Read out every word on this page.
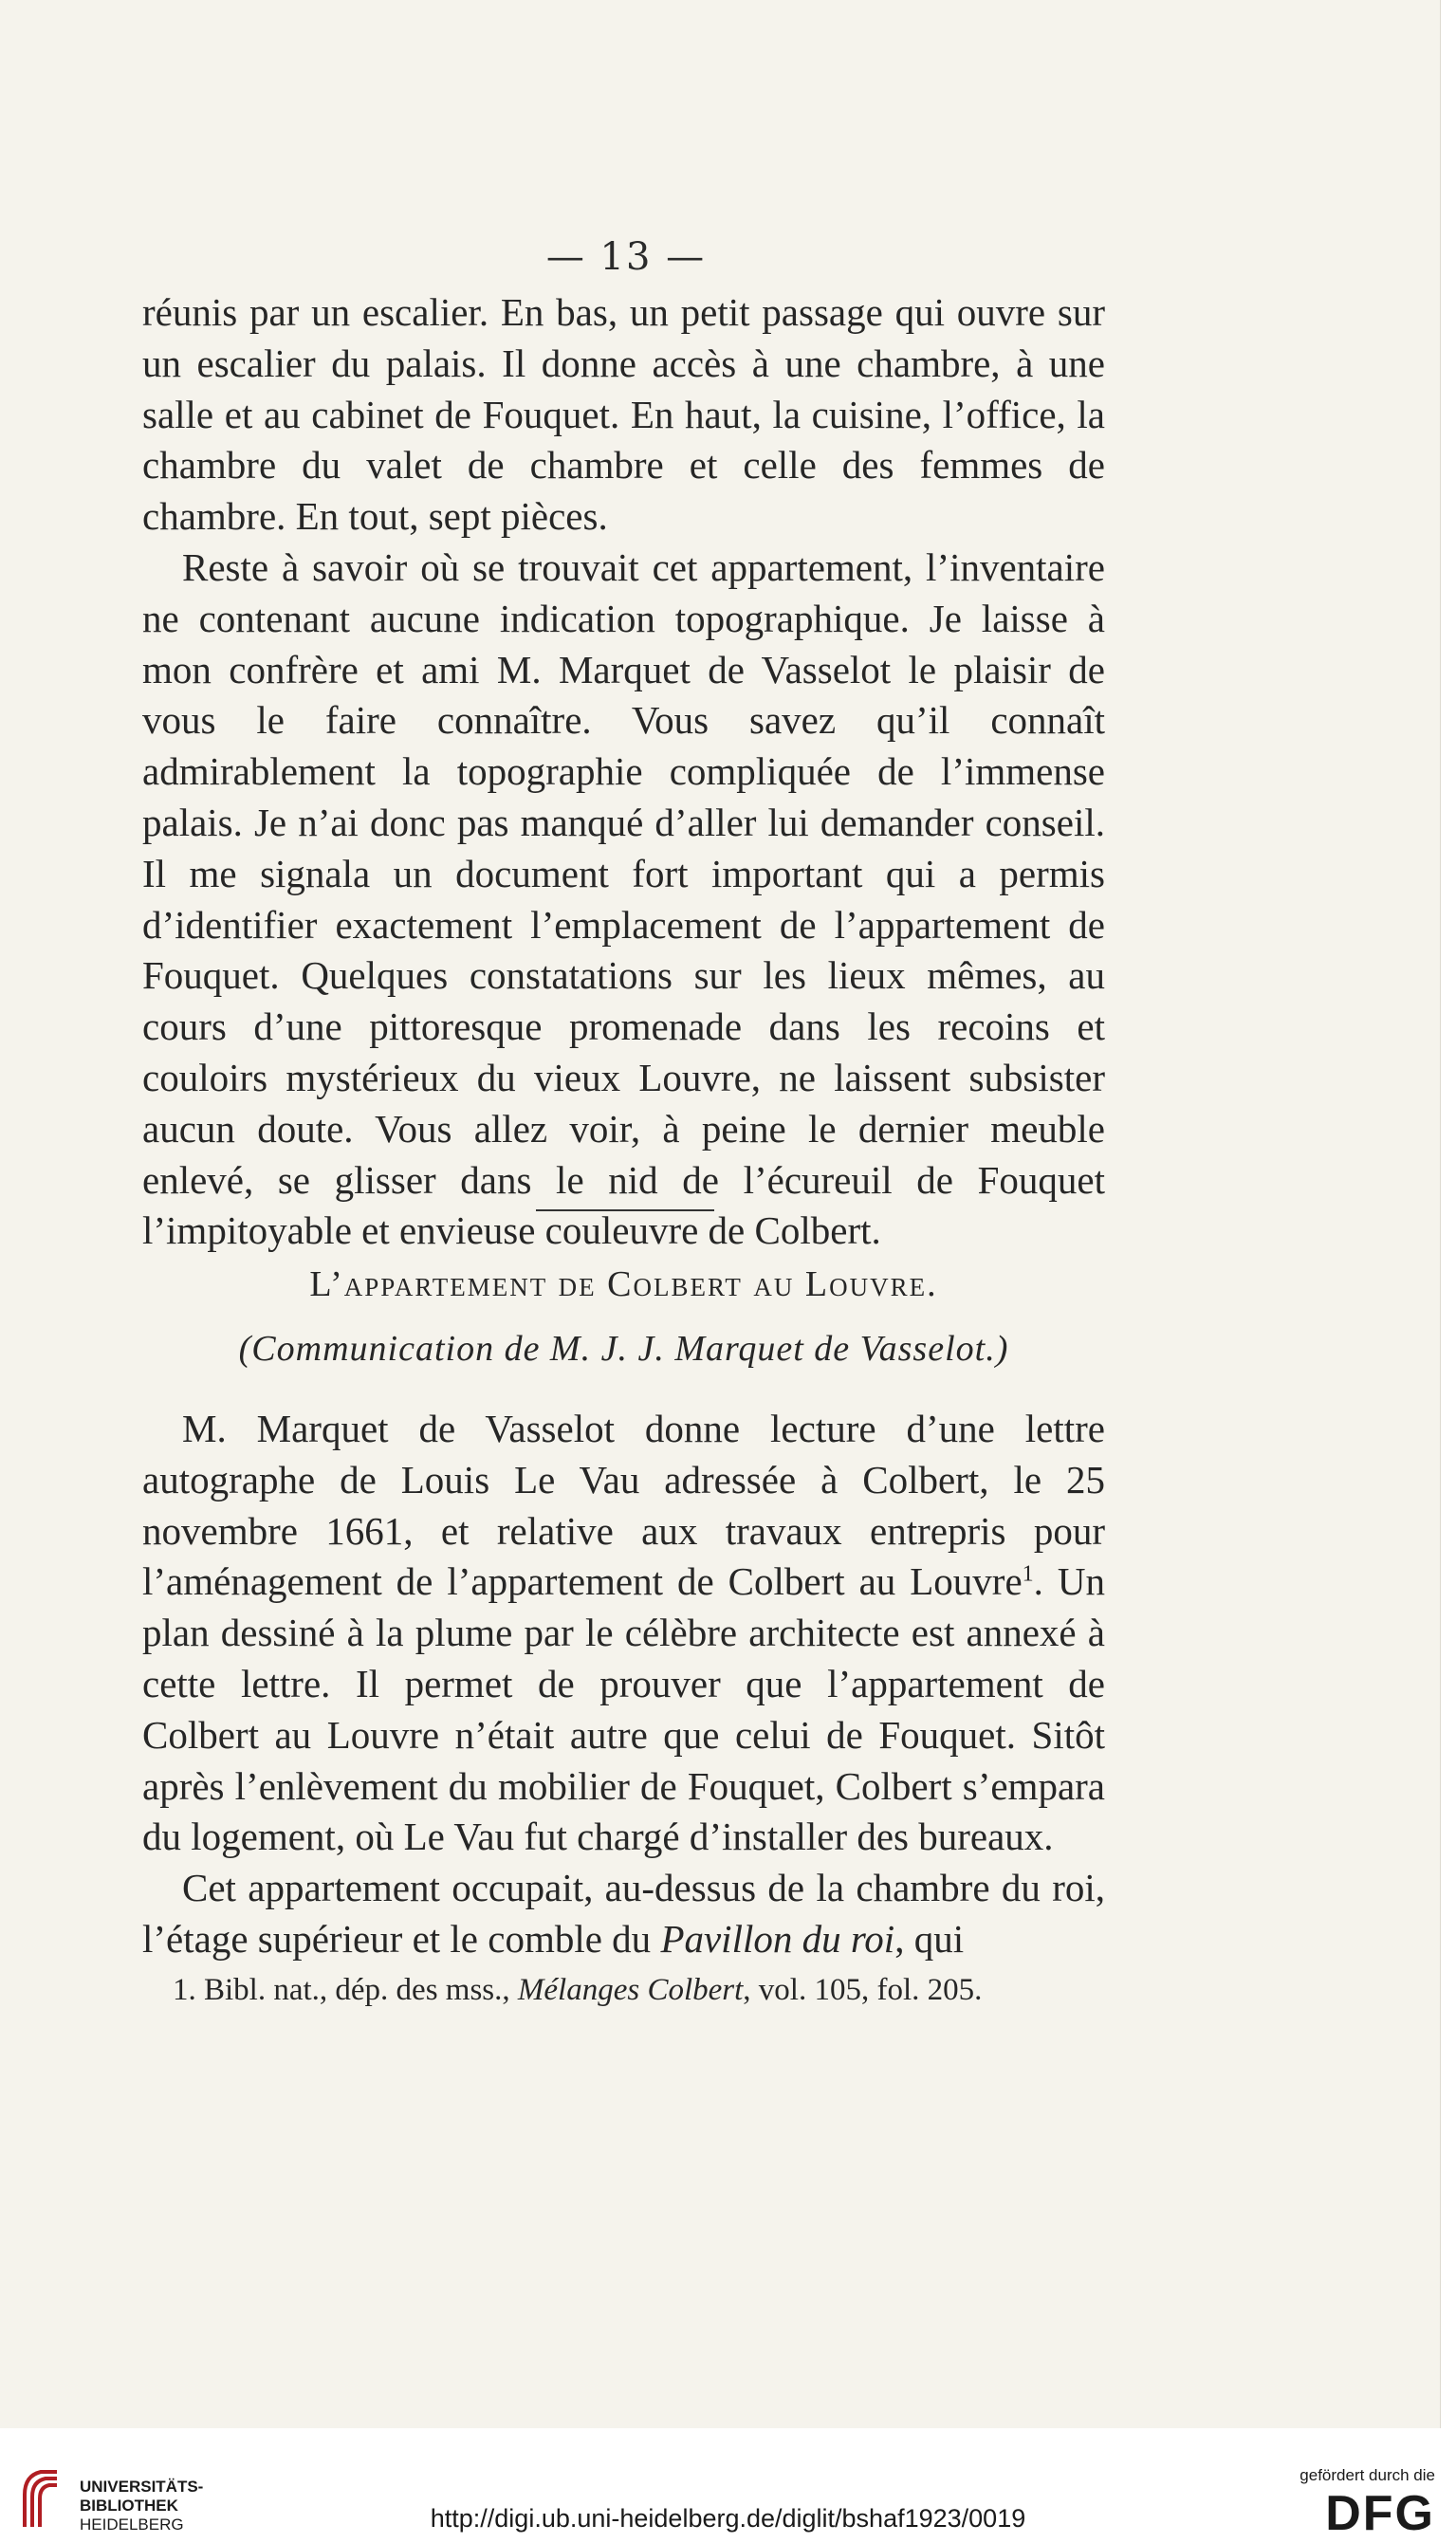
— 13 —

réunis par un escalier. En bas, un petit passage qui ouvre sur un escalier du palais. Il donne accès à une chambre, à une salle et au cabinet de Fouquet. En haut, la cuisine, l’office, la chambre du valet de chambre et celle des femmes de chambre. En tout, sept pièces.

Reste à savoir où se trouvait cet appartement, l’inventaire ne contenant aucune indication topographique. Je laisse à mon confrère et ami M. Marquet de Vasselot le plaisir de vous le faire connaître. Vous savez qu’il connaît admirablement la topographie compliquée de l’immense palais. Je n’ai donc pas manqué d’aller lui demander conseil. Il me signala un document fort important qui a permis d’identifier exactement l’emplacement de l’appartement de Fouquet. Quelques constatations sur les lieux mêmes, au cours d’une pittoresque promenade dans les recoins et couloirs mystérieux du vieux Louvre, ne laissent subsister aucun doute. Vous allez voir, à peine le dernier meuble enlevé, se glisser dans le nid de l’écureuil de Fouquet l’impitoyable et envieuse couleuvre de Colbert.

L’appartement de Colbert au Louvre.
(Communication de M. J. J. Marquet de Vasselot.)

M. Marquet de Vasselot donne lecture d’une lettre autographe de Louis Le Vau adressée à Colbert, le 25 novembre 1661, et relative aux travaux entrepris pour l’aménagement de l’appartement de Colbert au Louvre$^1$. Un plan dessiné à la plume par le célèbre architecte est annexé à cette lettre. Il permet de prouver que l’appartement de Colbert au Louvre n’était autre que celui de Fouquet. Sitôt après l’enlèvement du mobilier de Fouquet, Colbert s’empara du logement, où Le Vau fut chargé d’installer des bureaux.

Cet appartement occupait, au-dessus de la chambre du roi, l’étage supérieur et le comble du Pavillon du roi, qui

1. Bibl. nat., dép. des mss., Mélanges Colbert, vol. 105, fol. 205.
UNIVERSITÄTS-
BIBLIOTHEK
HEIDELBERG	http://digi.ub.uni-heidelberg.de/diglit/bshaf1923/0019
gefördert durch die
DFG
